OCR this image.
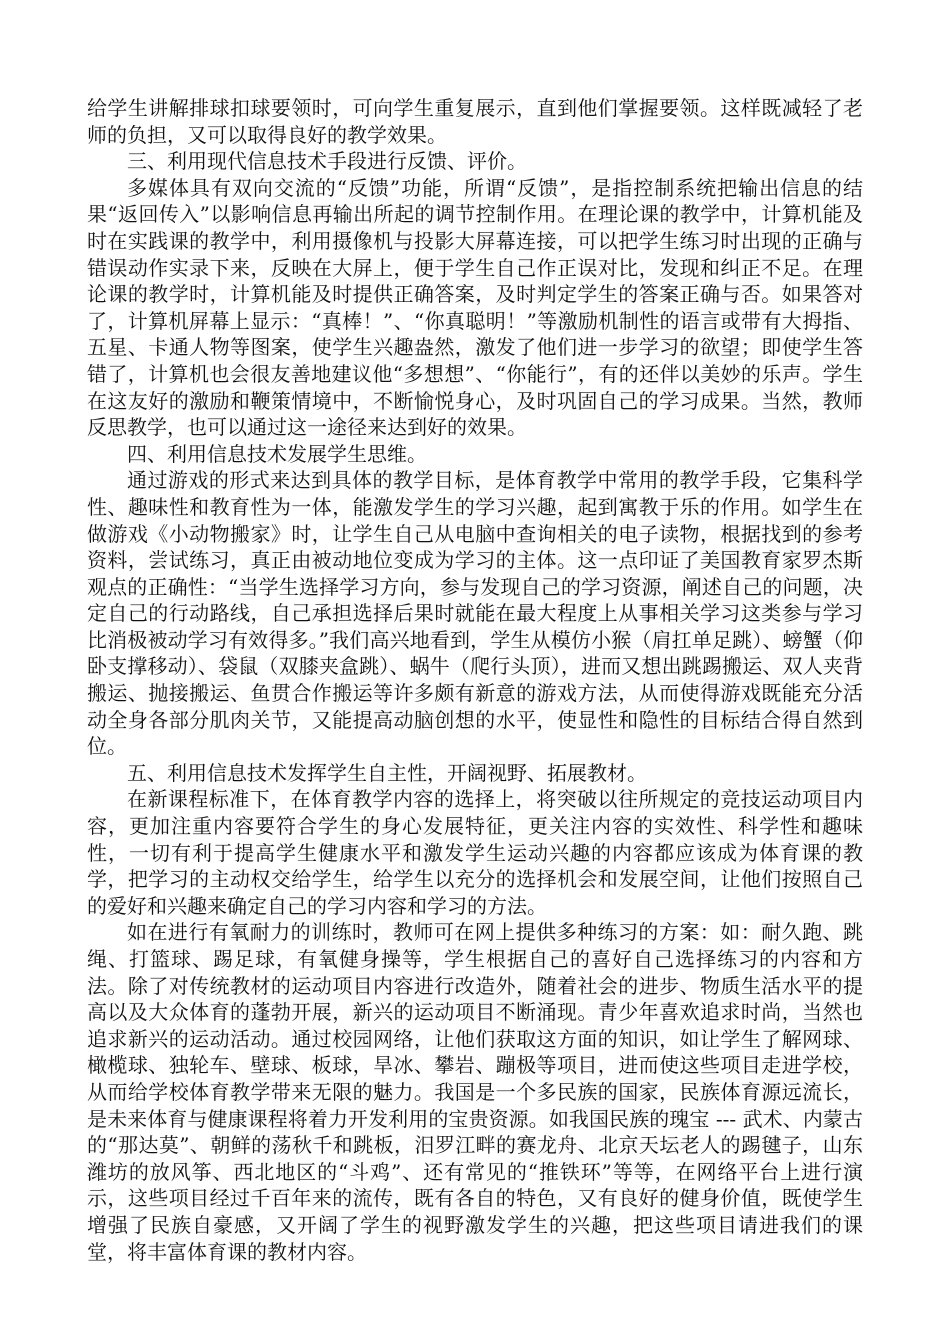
给学生讲解排球扣球要领时，可向学生重复展示，直到他们掌握要领。这样既减轻了老师的负担，又可以取得良好的教学效果。

三、利用现代信息技术手段进行反馈、评价。

多媒体具有双向交流的“反馈”功能，所谓“反馈”，是指控制系统把输出信息的结果“返回传入”以影响信息再输出所起的调节控制作用。在理论课的教学中，计算机能及时在实践课的教学中，利用摄像机与投影大屏幕连接，可以把学生练习时出现的正确与错误动作实录下来，反映在大屏上，便于学生自己作正误对比，发现和纠正不足。在理论课的教学时，计算机能及时提供正确答案，及时判定学生的答案正确与否。如果答对了，计算机屏幕上显示：“真棒！”、“你真聪明！”等激励机制性的语言或带有大拇指、五星、卡通人物等图案，使学生兴趣盎然，激发了他们进一步学习的欲望；即使学生答错了，计算机也会很友善地建议他“多想想”、“你能行”，有的还伴以美妙的乐声。学生在这友好的激励和鞭策情境中，不断愉悦身心，及时巩固自己的学习成果。当然，教师反思教学，也可以通过这一途径来达到好的效果。

四、利用信息技术发展学生思维。

通过游戏的形式来达到具体的教学目标，是体育教学中常用的教学手段，它集科学性、趣味性和教育性为一体，能激发学生的学习兴趣，起到寓教于乐的作用。如学生在做游戏《小动物搬家》时，让学生自己从电脑中查询相关的电子读物，根据找到的参考资料，尝试练习，真正由被动地位变成为学习的主体。这一点印证了美国教育家罗杰斯观点的正确性：“当学生选择学习方向，参与发现自己的学习资源，阐述自己的问题，决定自己的行动路线，自己承担选择后果时就能在最大程度上从事相关学习这类参与学习比消极被动学习有效得多。”我们高兴地看到，学生从模仿小猴（肩扛单足跳）、螃蟹（仰卧支撑移动）、袋鼠（双膝夹盒跳）、蜗牛（爬行头顶），进而又想出跳踢搬运、双人夹背搬运、抛接搬运、鱼贯合作搬运等许多颇有新意的游戏方法，从而使得游戏既能充分活动全身各部分肌肉关节，又能提高动脑创想的水平，使显性和隐性的目标结合得自然到位。

五、利用信息技术发挥学生自主性，开阔视野、拓展教材。

在新课程标准下，在体育教学内容的选择上，将突破以往所规定的竞技运动项目内容，更加注重内容要符合学生的身心发展特征，更关注内容的实效性、科学性和趣味性，一切有利于提高学生健康水平和激发学生运动兴趣的内容都应该成为体育课的教学，把学习的主动权交给学生，给学生以充分的选择机会和发展空间，让他们按照自己的爱好和兴趣来确定自己的学习内容和学习的方法。

如在进行有氧耐力的训练时，教师可在网上提供多种练习的方案：如：耐久跑、跳绳、打篮球、踢足球，有氧健身操等，学生根据自己的喜好自己选择练习的内容和方法。除了对传统教材的运动项目内容进行改造外，随着社会的进步、物质生活水平的提高以及大众体育的蓬勃开展，新兴的运动项目不断涌现。青少年喜欢追求时尚，当然也追求新兴的运动活动。通过校园网络，让他们获取这方面的知识，如让学生了解网球、橄榄球、独轮车、壁球、板球，旱冰、攀岩、蹦极等项目，进而使这些项目走进学校，从而给学校体育教学带来无限的魅力。我国是一个多民族的国家，民族体育源远流长，是未来体育与健康课程将着力开发利用的宝贵资源。如我国民族的瑰宝 --- 武术、内蒙古的“那达莫”、朝鲜的荡秋千和跳板，汨罗江畔的赛龙舟、北京天坛老人的踢毽子，山东潍坊的放风筝、西北地区的“斗鸡”、还有常见的“推铁环”等等，在网络平台上进行演示，这些项目经过千百年来的流传，既有各自的特色，又有良好的健身价值，既使学生增强了民族自豪感，又开阔了学生的视野激发学生的兴趣，把这些项目请进我们的课堂，将丰富体育课的教材内容。
